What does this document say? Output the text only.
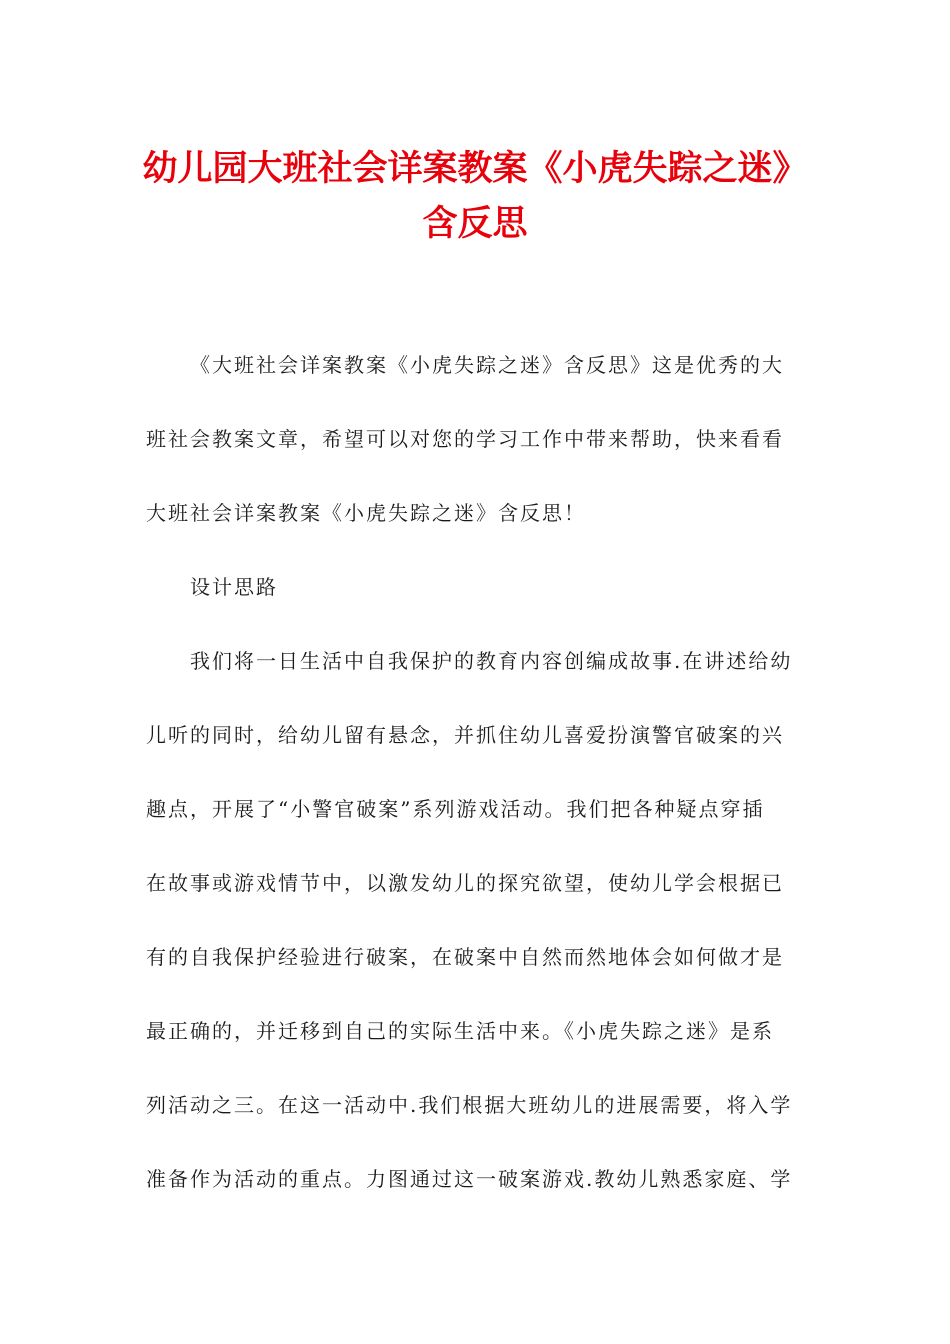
幼儿园大班社会详案教案《小虎失踪之迷》
含反思
《大班社会详案教案《小虎失踪之迷》含反思》这是优秀的大
班社会教案文章，希望可以对您的学习工作中带来帮助，快来看看
大班社会详案教案《小虎失踪之迷》含反思！
设计思路
我们将一日生活中自我保护的教育内容创编成故事.在讲述给幼
儿听的同时，给幼儿留有悬念，并抓住幼儿喜爱扮演警官破案的兴
趣点，开展了“小警官破案”系列游戏活动。我们把各种疑点穿插
在故事或游戏情节中，以激发幼儿的探究欲望，使幼儿学会根据已
有的自我保护经验进行破案，在破案中自然而然地体会如何做才是
最正确的，并迁移到自己的实际生活中来。《小虎失踪之迷》是系
列活动之三。在这一活动中.我们根据大班幼儿的进展需要，将入学
准备作为活动的重点。力图通过这一破案游戏.教幼儿熟悉家庭、学
